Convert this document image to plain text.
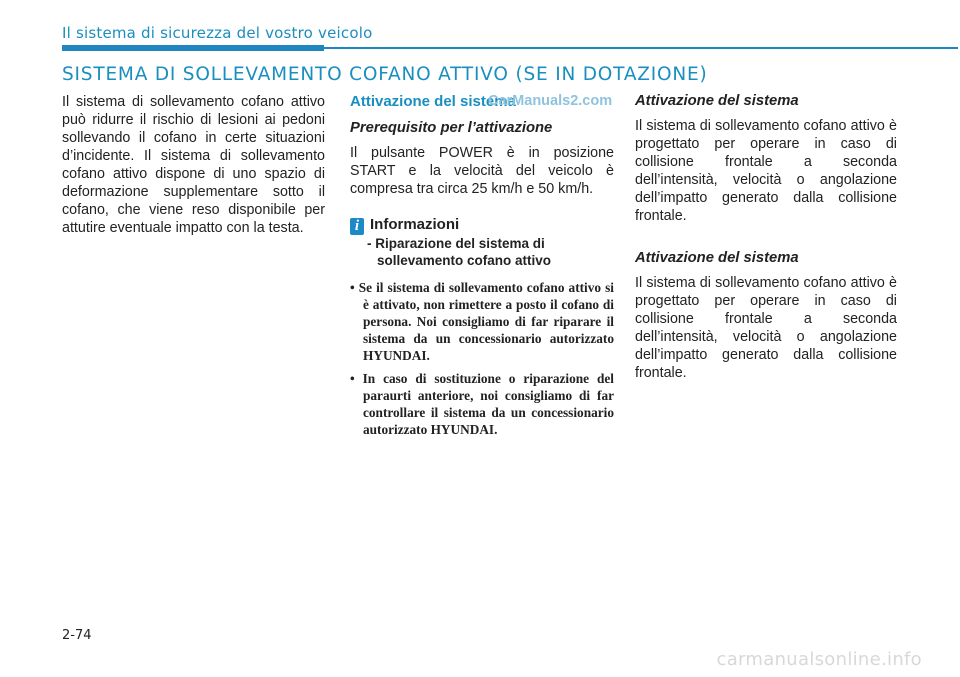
Il sistema di sicurezza del vostro veicolo
SISTEMA DI SOLLEVAMENTO COFANO ATTIVO (SE IN DOTAZIONE)

Il sistema di sollevamento cofano attivo può ridurre il rischio di lesioni ai pedoni sollevando il cofano in certe situazioni d’incidente. Il sistema di sollevamento cofano attivo dispone di uno spazio di deformazione supplementare sotto il cofano, che viene reso disponibile per attutire eventuale impatto con la testa.

Attivazione del sistema
CarManuals2.com
Prerequisito per l’attivazione

Il pulsante POWER è in posizione START e la velocità del veicolo è compresa tra circa 25 km/h e 50 km/h.

i Informazioni
- Riparazione del sistema di sollevamento cofano attivo
• Se il sistema di sollevamento cofano attivo si è attivato, non rimettere a posto il cofano di persona. Noi consigliamo di far riparare il sistema da un concessionario autorizzato HYUNDAI.
• In caso di sostituzione o riparazione del paraurti anteriore, noi consigliamo di far controllare il sistema da un concessionario autorizzato HYUNDAI.
Attivazione del sistema

Il sistema di sollevamento cofano attivo è progettato per operare in caso di collisione frontale a seconda dell’intensità, velocità o angolazione dell’impatto generato dalla collisione frontale.

Attivazione del sistema

Il sistema di sollevamento cofano attivo è progettato per operare in caso di collisione frontale a seconda dell’intensità, velocità o angolazione dell’impatto generato dalla collisione frontale.

2-74
carmanualsonline.info
